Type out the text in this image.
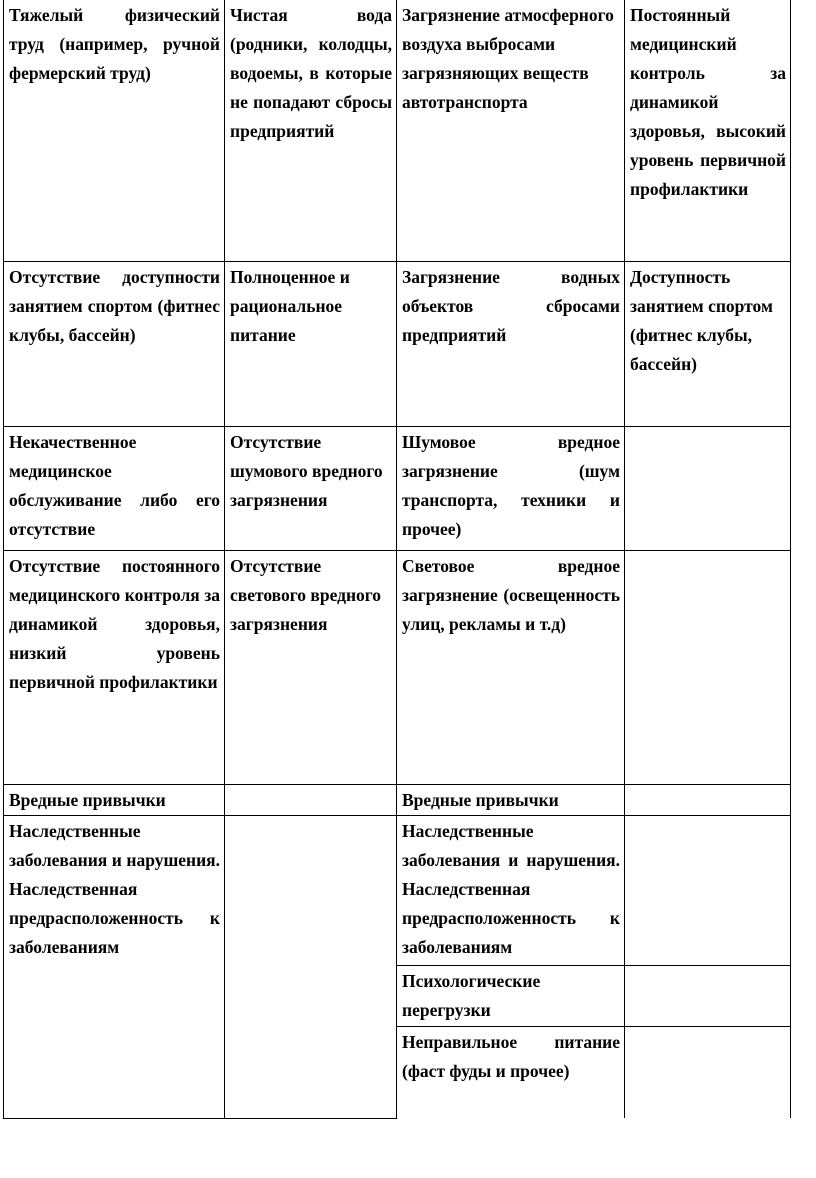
Тяжелый физический труд (например, ручной фермерский труд)	Чистая вода (родники, колодцы, водоемы, в которые не попадают сбросы предприятий	Загрязнение атмосферного воздуха выбросами загрязняющих веществ автотранспорта	Постоянный медицинский контроль за динамикой здоровья, высокий уровень первичной профилактики
Отсутствие доступности занятием спортом (фитнес клубы, бассейн)	Полноценное и рациональное питание	Загрязнение водных объектов сбросами предприятий	Доступность занятием спортом (фитнес клубы, бассейн)
Некачественное медицинское обслуживание либо его отсутствие	Отсутствие шумового вредного загрязнения	Шумовое вредное загрязнение (шум транспорта, техники и прочее)	
Отсутствие постоянного медицинского контроля за динамикой здоровья, низкий уровень первичной профилактики	Отсутствие светового вредного загрязнения	Световое вредное загрязнение (освещенность улиц, рекламы и т.д)	
Вредные привычки		Вредные привычки	
Наследственные заболевания и нарушения. Наследственная предрасположенность к заболеваниям		Наследственные заболевания и нарушения. Наследственная предрасположенность к заболеваниям	
		Психологические перегрузки	
		Неправильное питание (фаст фуды и прочее)	
